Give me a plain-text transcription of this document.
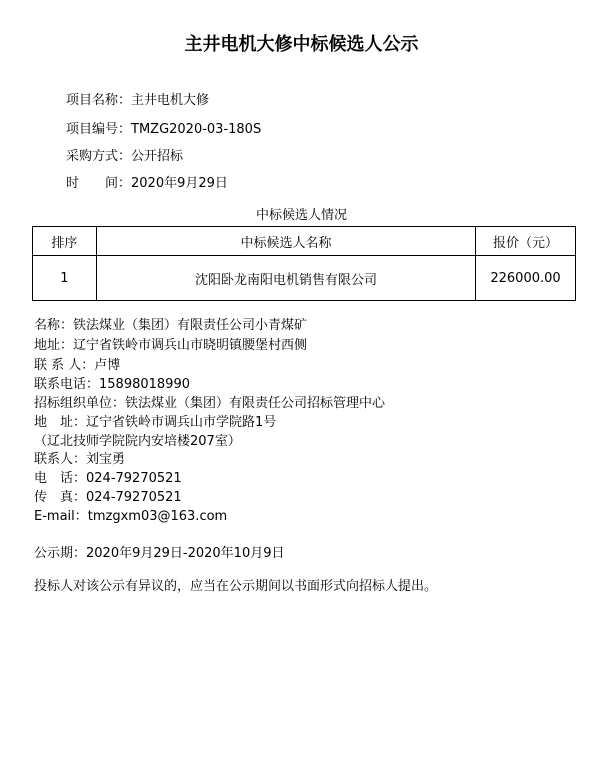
主井电机大修中标候选人公示
项目名称：主井电机大修
项目编号：TMZG2020-03-180S
采购方式：公开招标
时　　间：2020年9月29日
中标候选人情况
排序	中标候选人名称	报价（元）
1	沈阳卧龙南阳电机销售有限公司	226000.00
名称：铁法煤业（集团）有限责任公司小青煤矿
地址：辽宁省铁岭市调兵山市晓明镇腰堡村西侧
联 系 人：卢博
联系电话：15898018990
招标组织单位：铁法煤业（集团）有限责任公司招标管理中心
地　址：辽宁省铁岭市调兵山市学院路1号
（辽北技师学院院内安培楼207室）
联系人：刘宝勇
电　话：024-79270521
传　真：024-79270521
E-mail：tmzgxm03@163.com
公示期：2020年9月29日-2020年10月9日
投标人对该公示有异议的，应当在公示期间以书面形式向招标人提出。
